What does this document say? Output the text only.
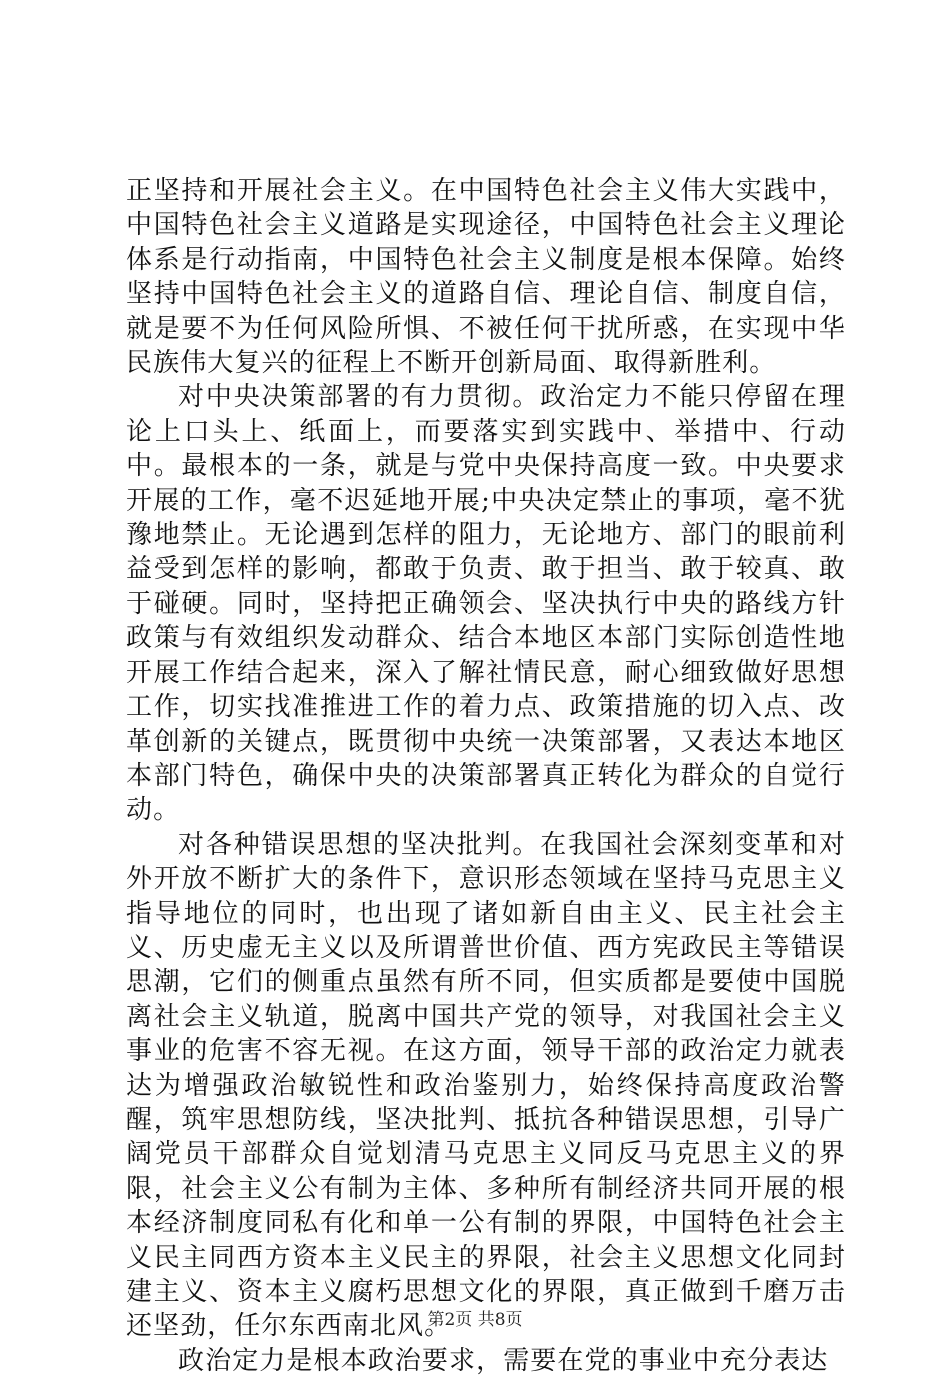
正坚持和开展社会主义。在中国特色社会主义伟大实践中，中国特色社会主义道路是实现途径，中国特色社会主义理论体系是行动指南，中国特色社会主义制度是根本保障。始终坚持中国特色社会主义的道路自信、理论自信、制度自信，就是要不为任何风险所惧、不被任何干扰所惑，在实现中华民族伟大复兴的征程上不断开创新局面、取得新胜利。

对中央决策部署的有力贯彻。政治定力不能只停留在理论上口头上、纸面上，而要落实到实践中、举措中、行动中。最根本的一条，就是与党中央保持高度一致。中央要求开展的工作，毫不迟延地开展;中央决定禁止的事项，毫不犹豫地禁止。无论遇到怎样的阻力，无论地方、部门的眼前利益受到怎样的影响，都敢于负责、敢于担当、敢于较真、敢于碰硬。同时，坚持把正确领会、坚决执行中央的路线方针政策与有效组织发动群众、结合本地区本部门实际创造性地开展工作结合起来，深入了解社情民意，耐心细致做好思想工作，切实找准推进工作的着力点、政策措施的切入点、改革创新的关键点，既贯彻中央统一决策部署，又表达本地区本部门特色，确保中央的决策部署真正转化为群众的自觉行动。

对各种错误思想的坚决批判。在我国社会深刻变革和对外开放不断扩大的条件下，意识形态领域在坚持马克思主义指导地位的同时，也出现了诸如新自由主义、民主社会主义、历史虚无主义以及所谓普世价值、西方宪政民主等错误思潮，它们的侧重点虽然有所不同，但实质都是要使中国脱离社会主义轨道，脱离中国共产党的领导，对我国社会主义事业的危害不容无视。在这方面，领导干部的政治定力就表达为增强政治敏锐性和政治鉴别力，始终保持高度政治警醒，筑牢思想防线，坚决批判、抵抗各种错误思想，引导广阔党员干部群众自觉划清马克思主义同反马克思主义的界限，社会主义公有制为主体、多种所有制经济共同开展的根本经济制度同私有化和单一公有制的界限，中国特色社会主义民主同西方资本主义民主的界限，社会主义思想文化同封建主义、资本主义腐朽思想文化的界限，真正做到千磨万击还坚劲，任尔东西南北风。

政治定力是根本政治要求，需要在党的事业中充分表达

第2页 共8页
